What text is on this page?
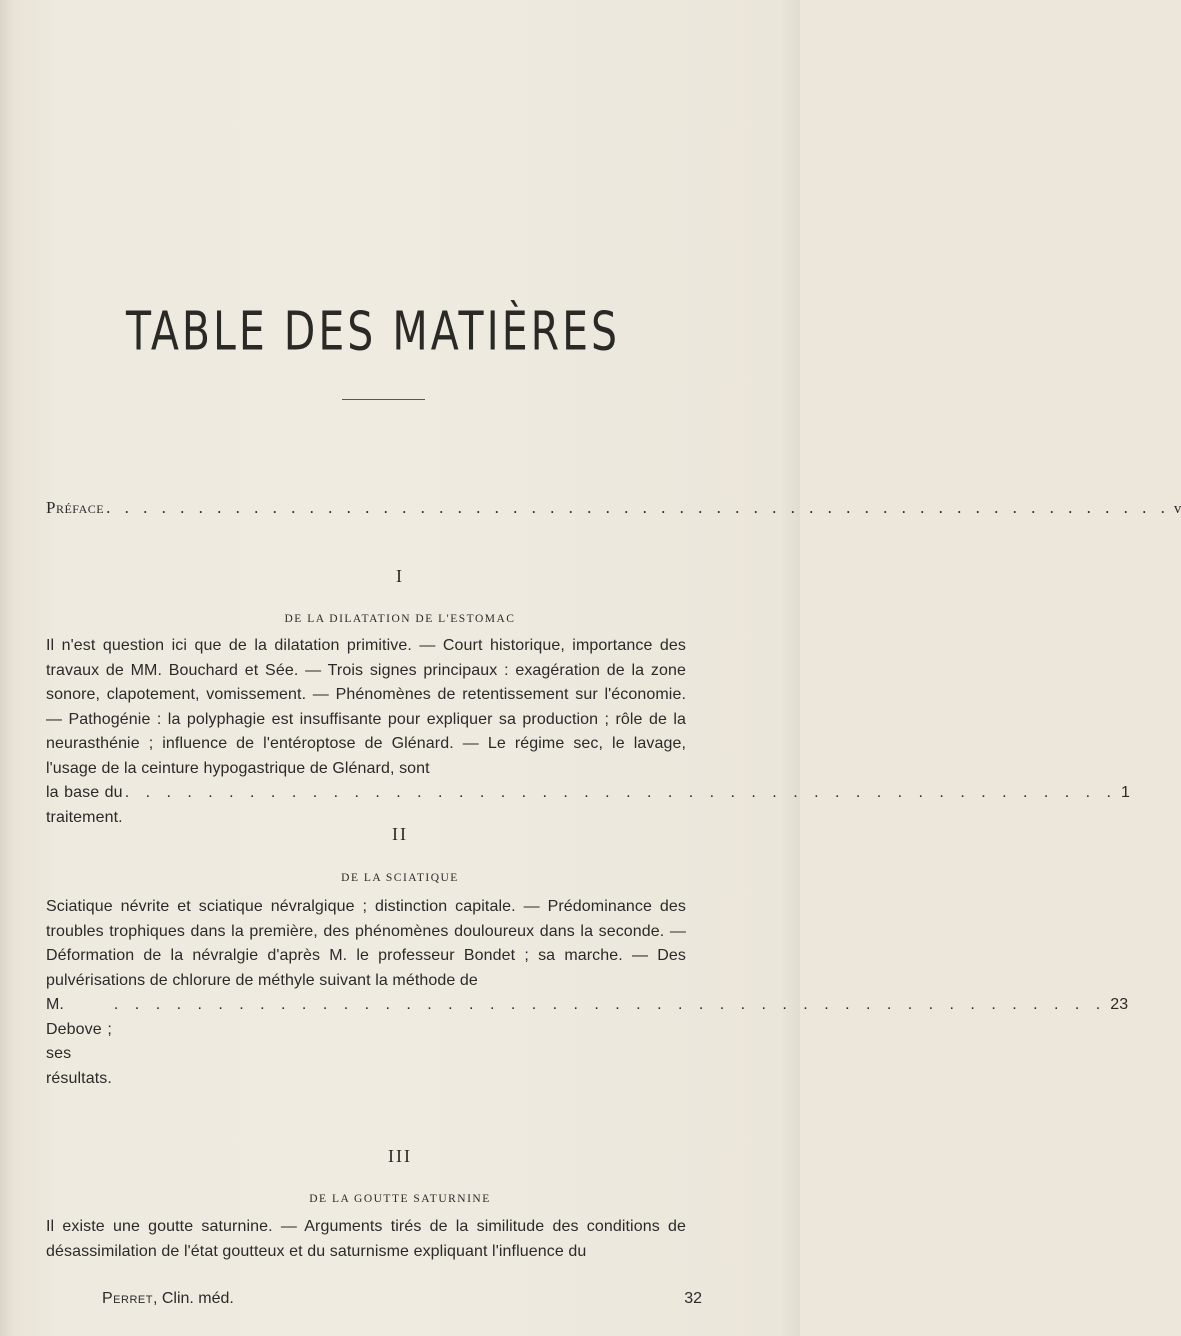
TABLE DES MATIÈRES
Préface . . . . . . . . . . . . . . . . . . . . . . . . . . . . . . . . . . . . . . . . . . . . . . . . . . . . . . . . . . v
I
DE LA DILATATION DE L'ESTOMAC
Il n'est question ici que de la dilatation primitive. — Court historique, importance des travaux de MM. Bouchard et Sée. — Trois signes principaux : exagération de la zone sonore, clapotement, vomissement. — Phénomènes de retentissement sur l'économie. — Pathogénie : la polyphagie est insuffisante pour expliquer sa production ; rôle de la neurasthénie ; influence de l'entéroptose de Glénard. — Le régime sec, le lavage, l'usage de la ceinture hypogastrique de Glénard, sont
la base du traitement.
. . . . . . . . . . . . . . . . . . . . . . . . . . . . . . . . . . . . . . . . . . . . . . . . 1
II
DE LA SCIATIQUE
Sciatique névrite et sciatique névralgique ; distinction capitale. — Prédominance des troubles trophiques dans la première, des phénomènes douloureux dans la seconde. — Déformation de la névralgie d'après M. le professeur Bondet ; sa marche. — Des pulvérisations de chlorure de méthyle suivant la méthode de
M. Debove ; ses résultats.
. . . . . . . . . . . . . . . . . . . . . . . . . . . . . . . . . . . . . . . . . . . . . . . . 23
III
DE LA GOUTTE SATURNINE
Il existe une goutte saturnine. — Arguments tirés de la similitude des conditions de désassimilation de l'état goutteux et du saturnisme expliquant l'influence du
Perret, Clin. méd.	32
